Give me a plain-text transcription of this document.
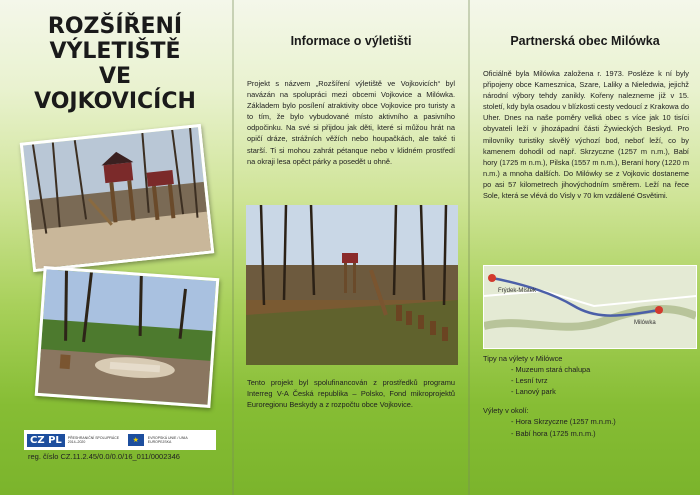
ROZŠÍŘENÍ
VÝLETIŠTĚ
VE VOJKOVICÍCH
CZ PL	PŘESHRANIČNÍ SPOLUPRÁCE 2014–2020	★	EVROPSKÁ UNIE / UNIA EUROPEJSKA
reg. číslo CZ.11.2.45/0.0/0.0/16_011/0002346
Informace o výletišti

Projekt s názvem „Rozšíření výletiště ve Vojkovicích“ byl navázán na spolupráci mezi obcemi Vojkovice a Milówka. Základem bylo posílení atraktivity obce Vojkovice pro turisty a to tím, že bylo vybudované místo aktivního a pasivního odpočinku. Na své si přijdou jak děti, které si můžou hrát na opičí dráze, strážních věžích nebo houpačkách, ale také ti starší. Ti si mohou zahrát pétanque nebo v klidném prostředí na okraji lesa opěct párky a posedět u ohně.

Tento projekt byl spolufinancován z prostředků programu Interreg V-A Česká republika – Polsko, Fond mikroprojektů Euroregionu Beskydy a z rozpočtu obce Vojkovice.

Partnerská obec Milówka

Oficiálně byla Milówka založena r. 1973. Posléze k ní byly připojeny obce Kamesznica, Szare, Laliky a Nieledwia, jejichž národní výbory tehdy zanikly. Kořeny nalezneme již v 15. století, kdy byla osadou v blízkosti cesty vedoucí z Krakowa do Uher. Dnes na naše poměry velká obec s více jak 10 tisíci obyvateli leží v jihozápadní části Żywieckých Beskyd. Pro milovníky turistiky skvělý výchozí bod, neboť leží, co by kamenem dohodil od např. Skrzyczne (1257 m n.m.), Babí hory (1725 m n.m.), Pilska (1557 m n.m.), Beraní hory (1220 m n.m.) a mnoha dalších. Do Milówky se z Vojkovic dostaneme po asi 57 kilometrech jihovýchodním směrem. Leží na řece Sole, která se vlévá do Visly v 70 km vzdálené Osvětimi.

Frýdek-Místek
Milówka

Tipy na výlety v Milówce

- Muzeum stará chalupa
- Lesní tvrz
- Lanový park

Výlety v okolí:

- Hora Skrzyczne (1257 m.n.m.)
- Babí hora (1725 m.n.m.)
